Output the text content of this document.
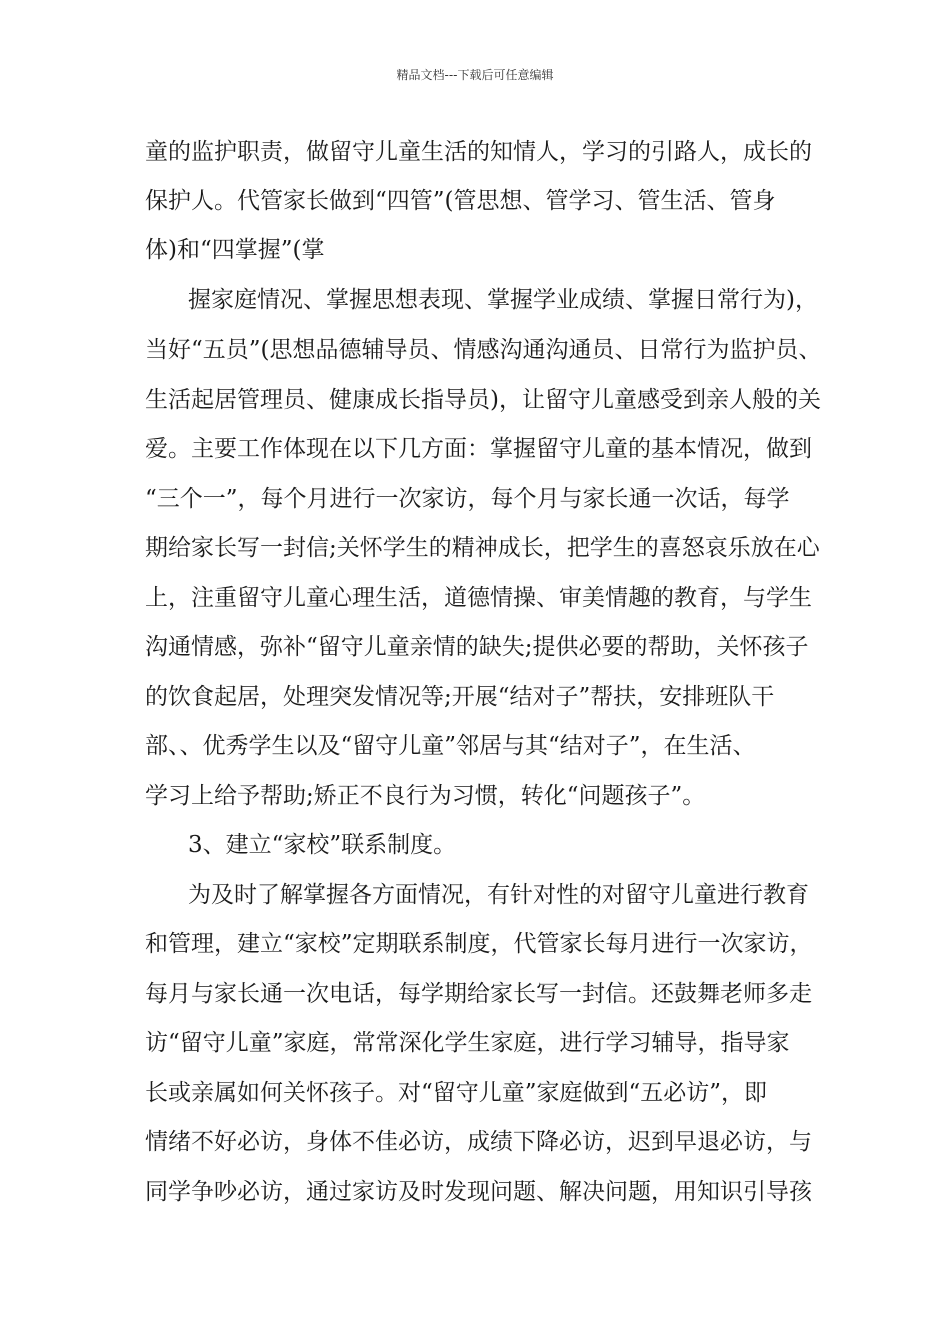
精品文档---下载后可任意编辑
童的监护职责，做留守儿童生活的知情人，学习的引路人，成长的
保护人。代管家长做到“四管”(管思想、管学习、管生活、管身
体)和“四掌握”(掌
握家庭情况、掌握思想表现、掌握学业成绩、掌握日常行为)，
当好“五员”(思想品德辅导员、情感沟通沟通员、日常行为监护员、
生活起居管理员、健康成长指导员)，让留守儿童感受到亲人般的关
爱。主要工作体现在以下几方面：掌握留守儿童的基本情况，做到
“三个一”，每个月进行一次家访，每个月与家长通一次话，每学
期给家长写一封信;关怀学生的精神成长，把学生的喜怒哀乐放在心
上，注重留守儿童心理生活，道德情操、审美情趣的教育，与学生
沟通情感，弥补“留守儿童亲情的缺失;提供必要的帮助，关怀孩子
的饮食起居，处理突发情况等;开展“结对子”帮扶，安排班队干
部、、优秀学生以及“留守儿童”邻居与其“结对子”，在生活、
学习上给予帮助;矫正不良行为习惯，转化“问题孩子”。
3、建立“家校”联系制度。
为及时了解掌握各方面情况，有针对性的对留守儿童进行教育
和管理，建立“家校”定期联系制度，代管家长每月进行一次家访，
每月与家长通一次电话，每学期给家长写一封信。还鼓舞老师多走
访“留守儿童”家庭，常常深化学生家庭，进行学习辅导，指导家
长或亲属如何关怀孩子。对“留守儿童”家庭做到“五必访”，即
情绪不好必访，身体不佳必访，成绩下降必访，迟到早退必访，与
同学争吵必访，通过家访及时发现问题、解决问题，用知识引导孩
